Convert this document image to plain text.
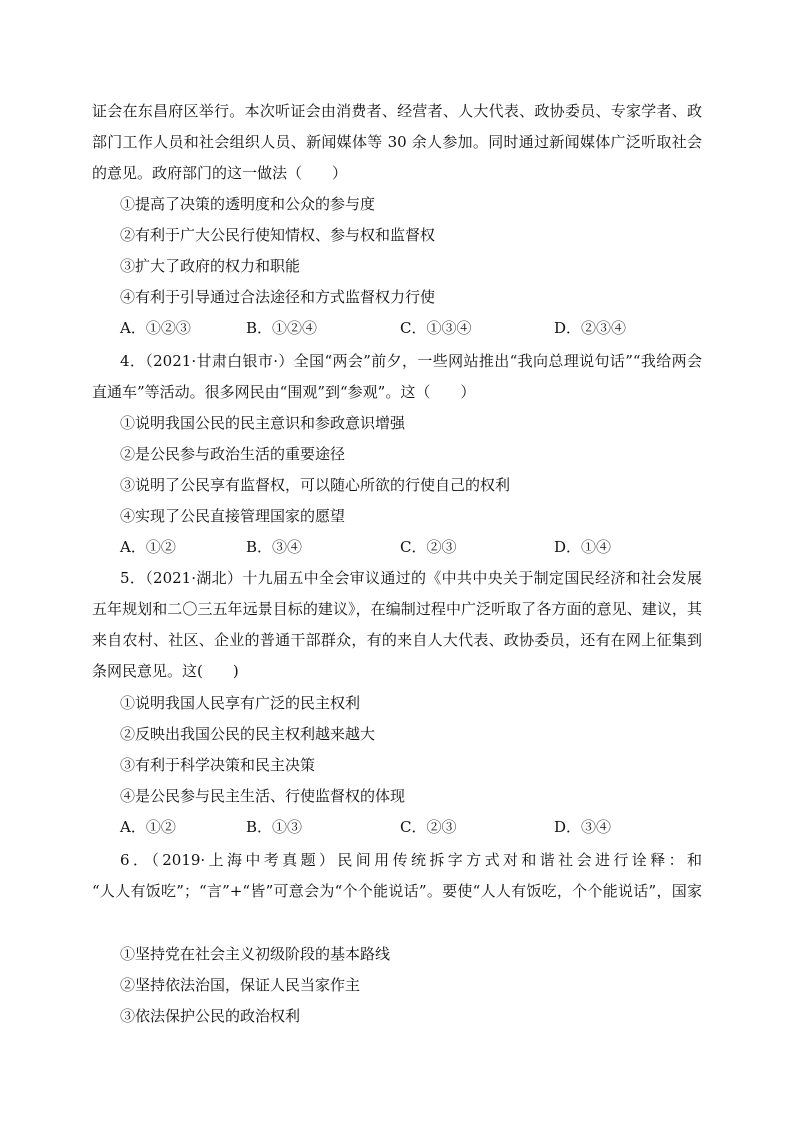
证会在东昌府区举行。本次听证会由消费者、经营者、人大代表、政协委员、专家学者、政
部门工作人员和社会组织人员、新闻媒体等 30 余人参加。同时通过新闻媒体广泛听取社会
的意见。政府部门的这一做法（　　）
①提高了决策的透明度和公众的参与度
②有利于广大公民行使知情权、参与权和监督权
③扩大了政府的权力和职能
④有利于引导通过合法途径和方式监督权力行使
A．①②③	B．①②④	C．①③④	D．②③④
4．（2021·甘肃白银市·）全国“两会”前夕，一些网站推出“我向总理说句话”“我给两会
直通车”等活动。很多网民由“围观”到“参观”。这（　　）
①说明我国公民的民主意识和参政意识增强
②是公民参与政治生活的重要途径
③说明了公民享有监督权，可以随心所欲的行使自己的权利
④实现了公民直接管理国家的愿望
A．①②	B．③④	C．②③	D．①④
5．（2021·湖北）十九届五中全会审议通过的《中共中央关于制定国民经济和社会发展
五年规划和二〇三五年远景目标的建议》，在编制过程中广泛听取了各方面的意见、建议，其
来自农村、社区、企业的普通干部群众，有的来自人大代表、政协委员，还有在网上征集到
条网民意见。这(　　)
①说明我国人民享有广泛的民主权利
②反映出我国公民的民主权利越来越大
③有利于科学决策和民主决策
④是公民参与民主生活、行使监督权的体现
A．①②	B．①③	C．②③	D．③④
6．（2019·上海中考真题）民间用传统拆字方式对和谐社会进行诠释：和
“人人有饭吃”；“言”+“皆”可意会为“个个能说话”。要使“人人有饭吃，个个能说话”，国家　　
①坚持党在社会主义初级阶段的基本路线
②坚持依法治国，保证人民当家作主
③依法保护公民的政治权利
